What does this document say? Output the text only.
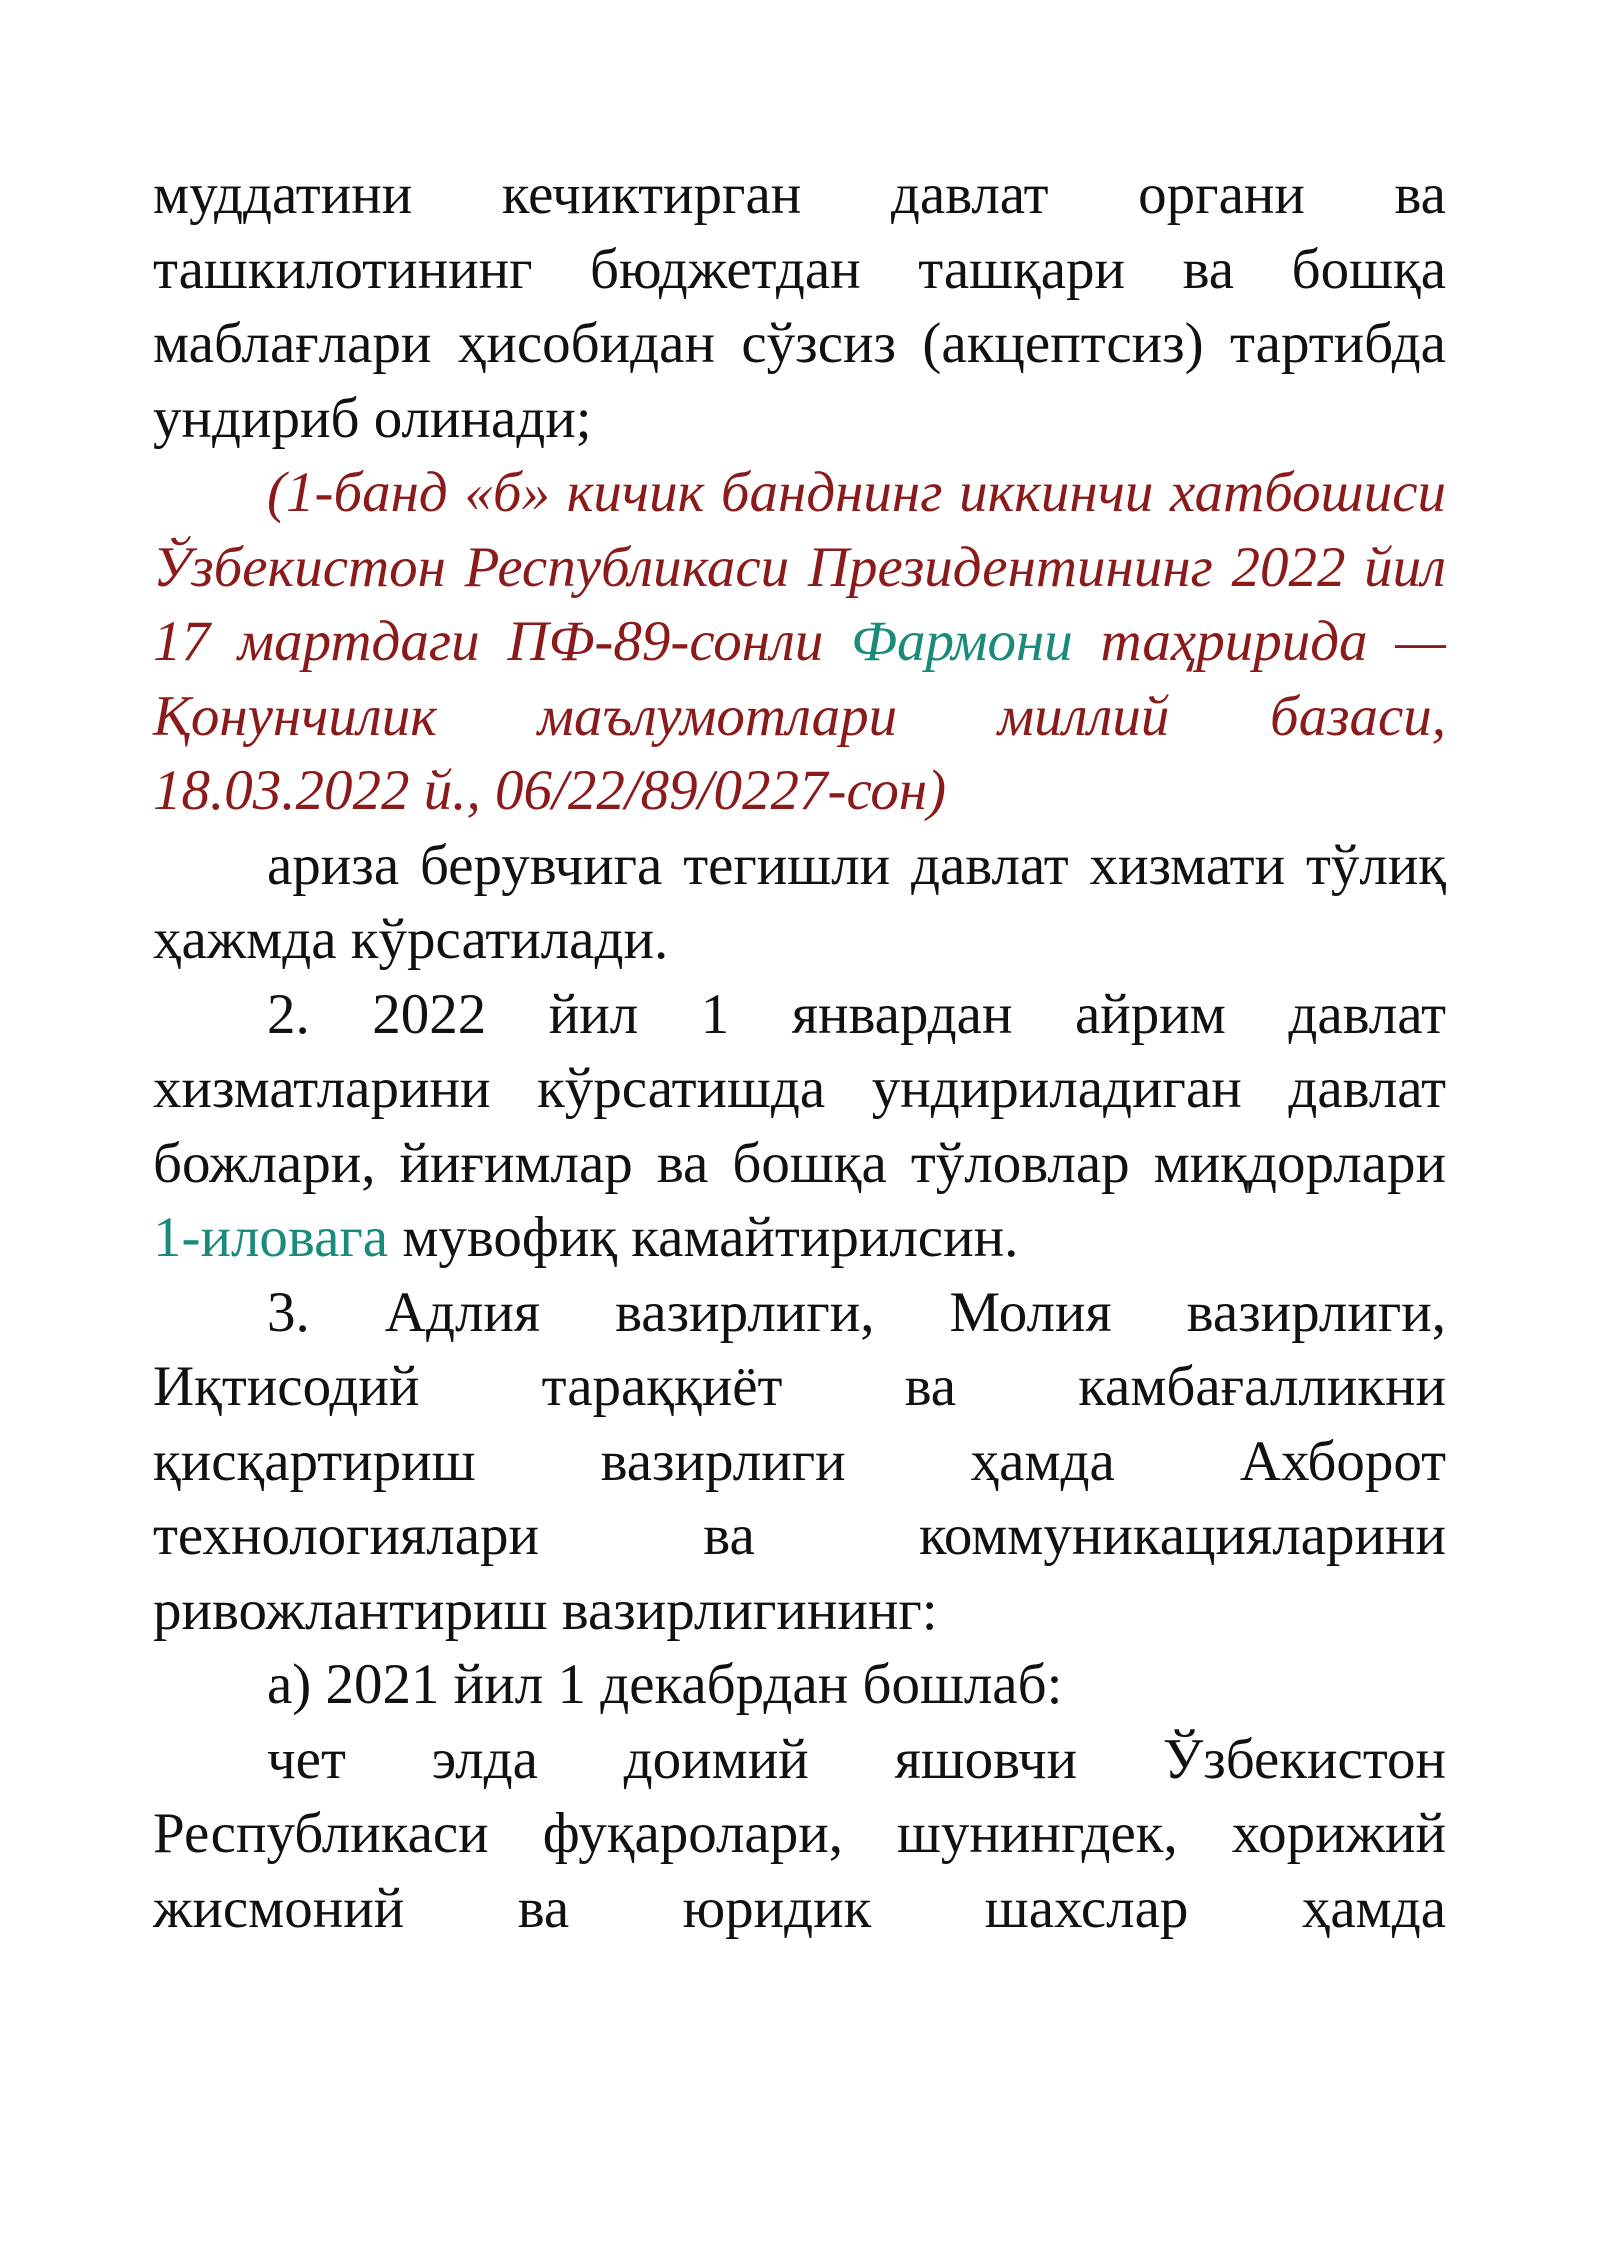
муддатини кечиктирган давлат органи ва ташкилотининг бюджетдан ташқари ва бошқа маблағлари ҳисобидан сўзсиз (акцептсиз) тартибда ундириб олинади;

(1-банд «б» кичик банднинг иккинчи хатбошиси Ўзбекистон Республикаси Президентининг 2022 йил 17 мартдаги ПФ-89-сонли Фармони таҳририда — Қонунчилик маълумотлари миллий базаси, 18.03.2022 й., 06/22/89/0227-сон)

ариза берувчига тегишли давлат хизмати тўлиқ ҳажмда кўрсатилади.

2. 2022 йил 1 январдан айрим давлат хизматларини кўрсатишда ундириладиган давлат божлари, йиғимлар ва бошқа тўловлар миқдорлари 1-иловага мувофиқ камайтирилсин.

3. Адлия вазирлиги, Молия вазирлиги, Иқтисодий тараққиёт ва камбағалликни қисқартириш вазирлиги ҳамда Ахборот технологиялари ва коммуникацияларини ривожлантириш вазирлигининг:

а) 2021 йил 1 декабрдан бошлаб:

чет элда доимий яшовчи Ўзбекистон Республикаси фуқаролари, шунингдек, хорижий жисмоний ва юридик шахслар ҳамда
